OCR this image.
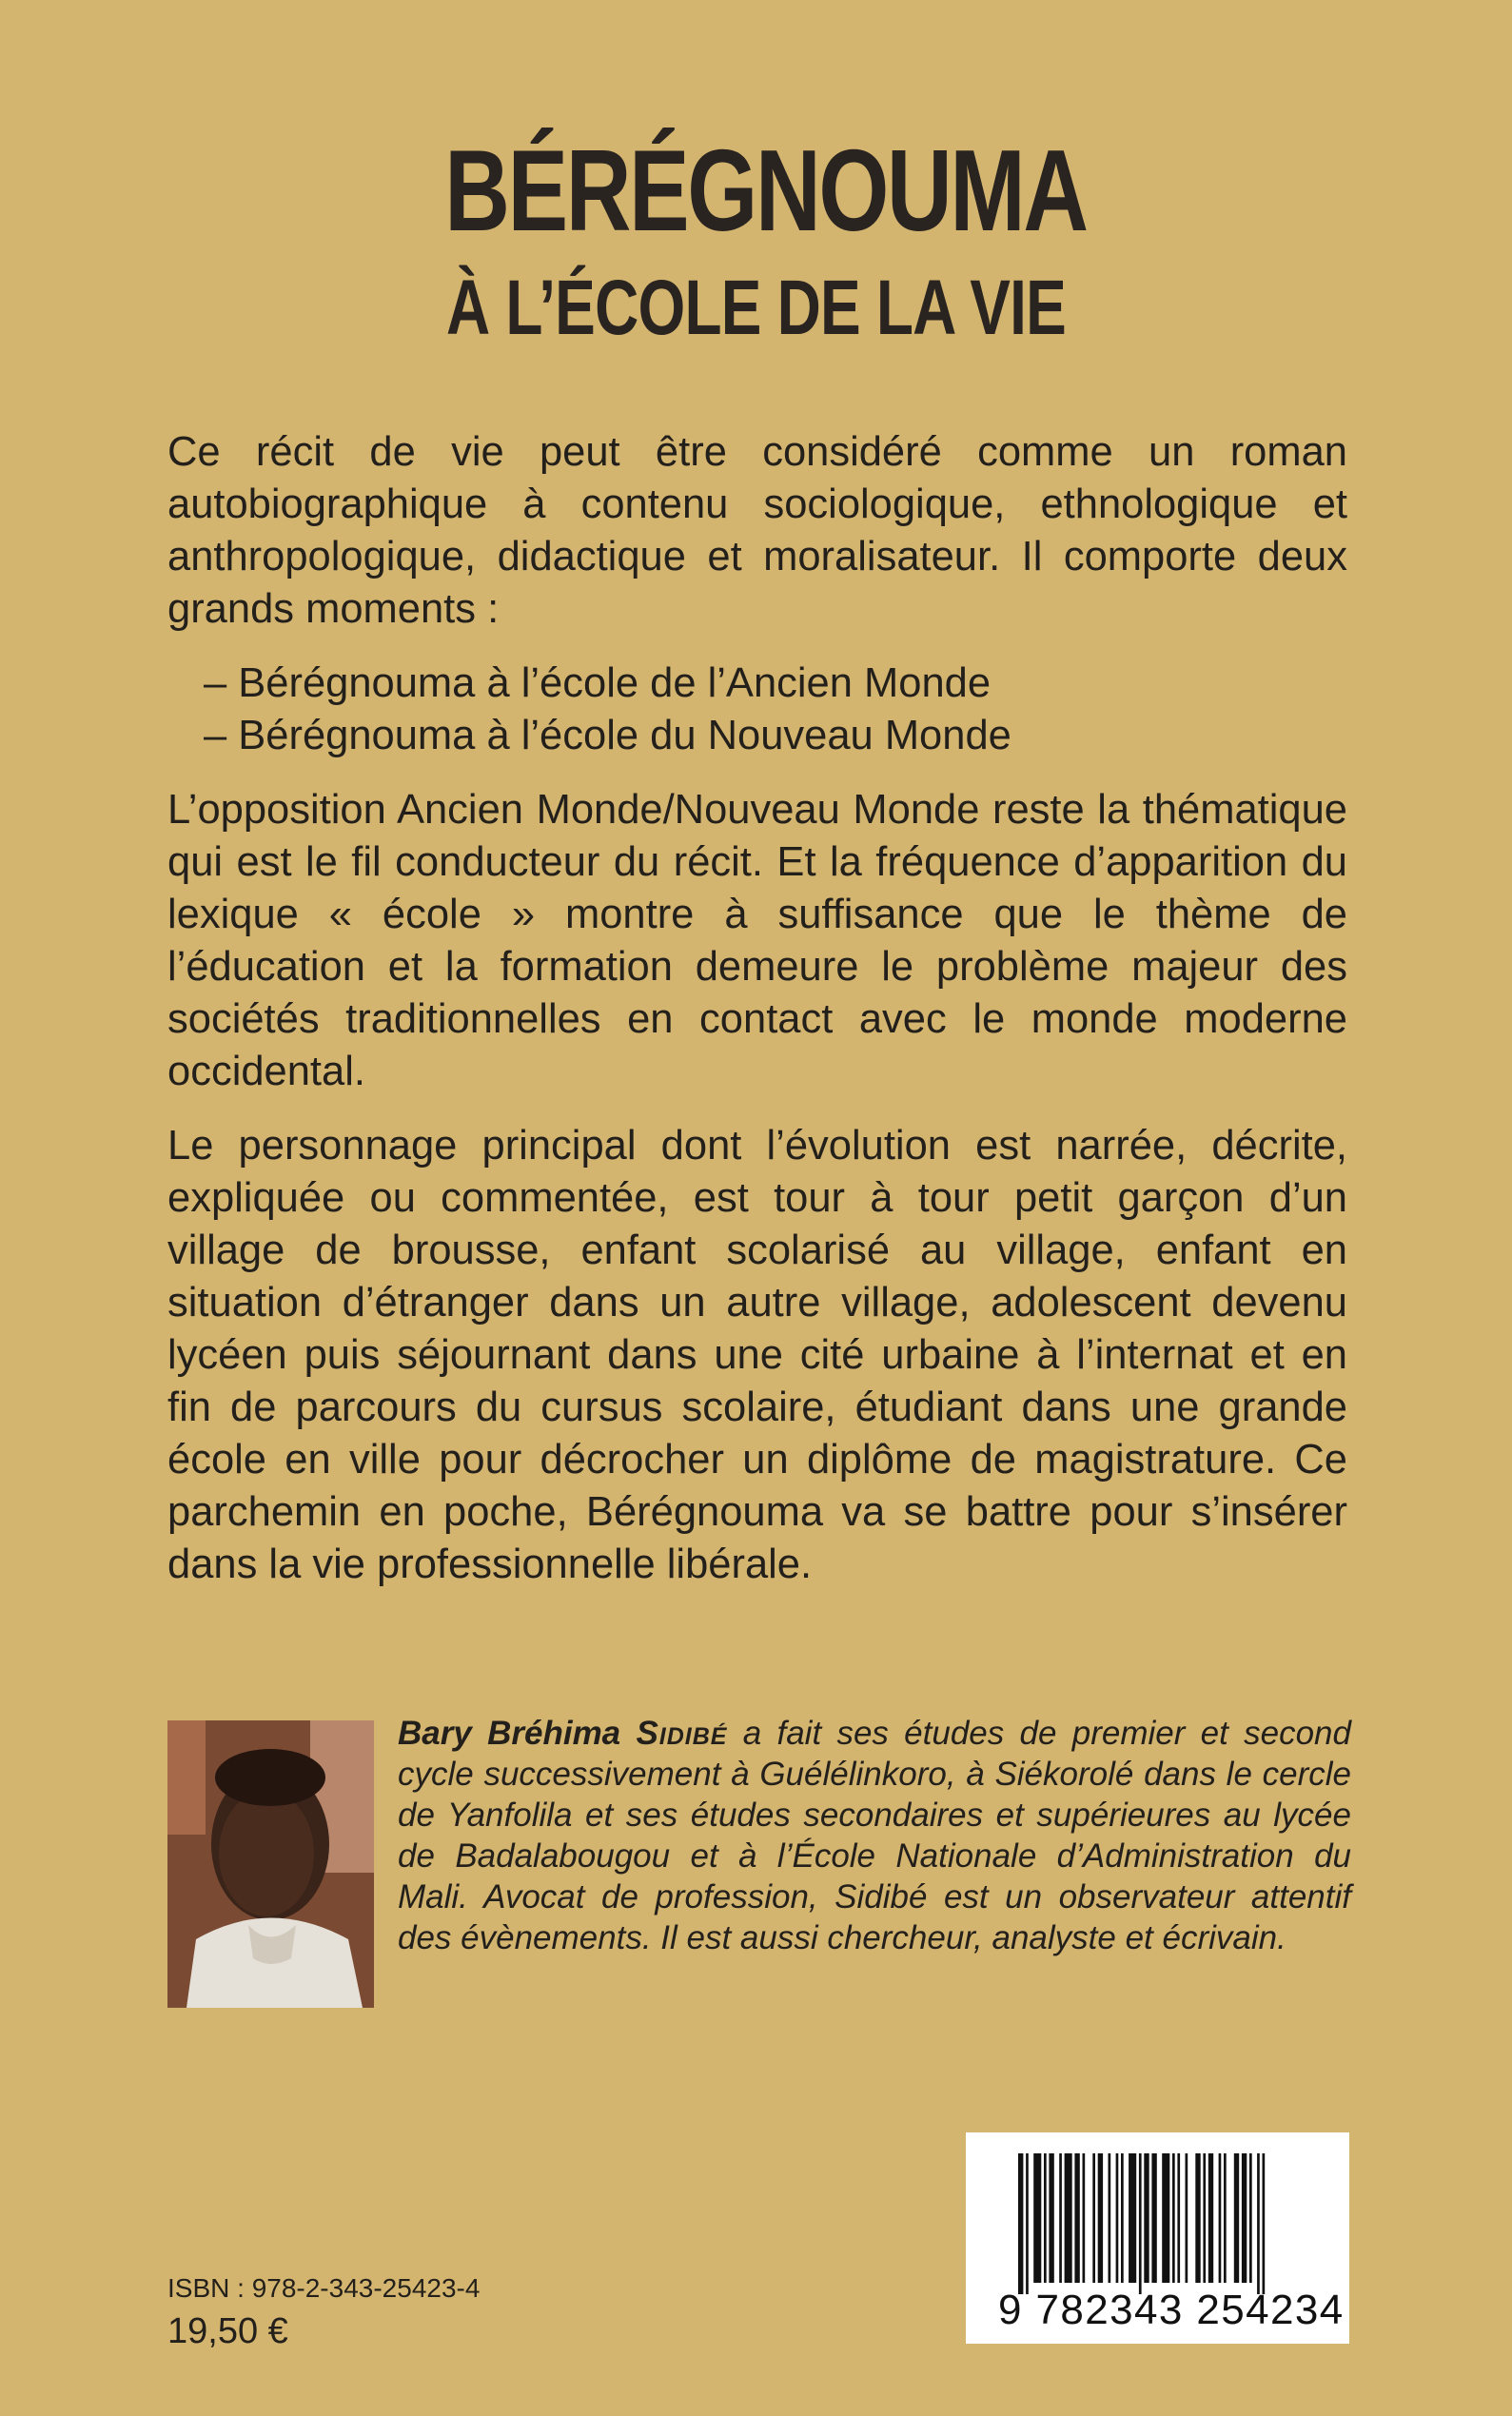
BÉRÉGNOUMA
À L’ÉCOLE DE LA VIE

Ce récit de vie peut être considéré comme un roman autobiographique à contenu sociologique, ethnologique et anthropologique, didactique et moralisateur. Il comporte deux grands moments :

– Bérégnouma à l’école de l’Ancien Monde
– Bérégnouma à l’école du Nouveau Monde

L’opposition Ancien Monde/Nouveau Monde reste la thématique qui est le fil conducteur du récit. Et la fréquence d’apparition du lexique « école » montre à suffisance que le thème de l’éducation et la formation demeure le problème majeur des sociétés traditionnelles en contact avec le monde moderne occidental.

Le personnage principal dont l’évolution est narrée, décrite, expliquée ou commentée, est tour à tour petit garçon d’un village de brousse, enfant scolarisé au village, enfant en situation d’étranger dans un autre village, adolescent devenu lycéen puis séjournant dans une cité urbaine à l’internat et en fin de parcours du cursus scolaire, étudiant dans une grande école en ville pour décrocher un diplôme de magistrature. Ce parchemin en poche, Bérégnouma va se battre pour s’insérer dans la vie professionnelle libérale.

Bary Bréhima Sidibé a fait ses études de premier et second cycle successivement à Guélélinkoro, à Siékorolé dans le cercle de Yanfolila et ses études secondaires et supérieures au lycée de Badalabougou et à l’École Nationale d’Administration du Mali. Avocat de profession, Sidibé est un observateur attentif des évènements. Il est aussi chercheur, analyste et écrivain.
ISBN : 978-2-343-25423-4
19,50 €	9 782343 254234
